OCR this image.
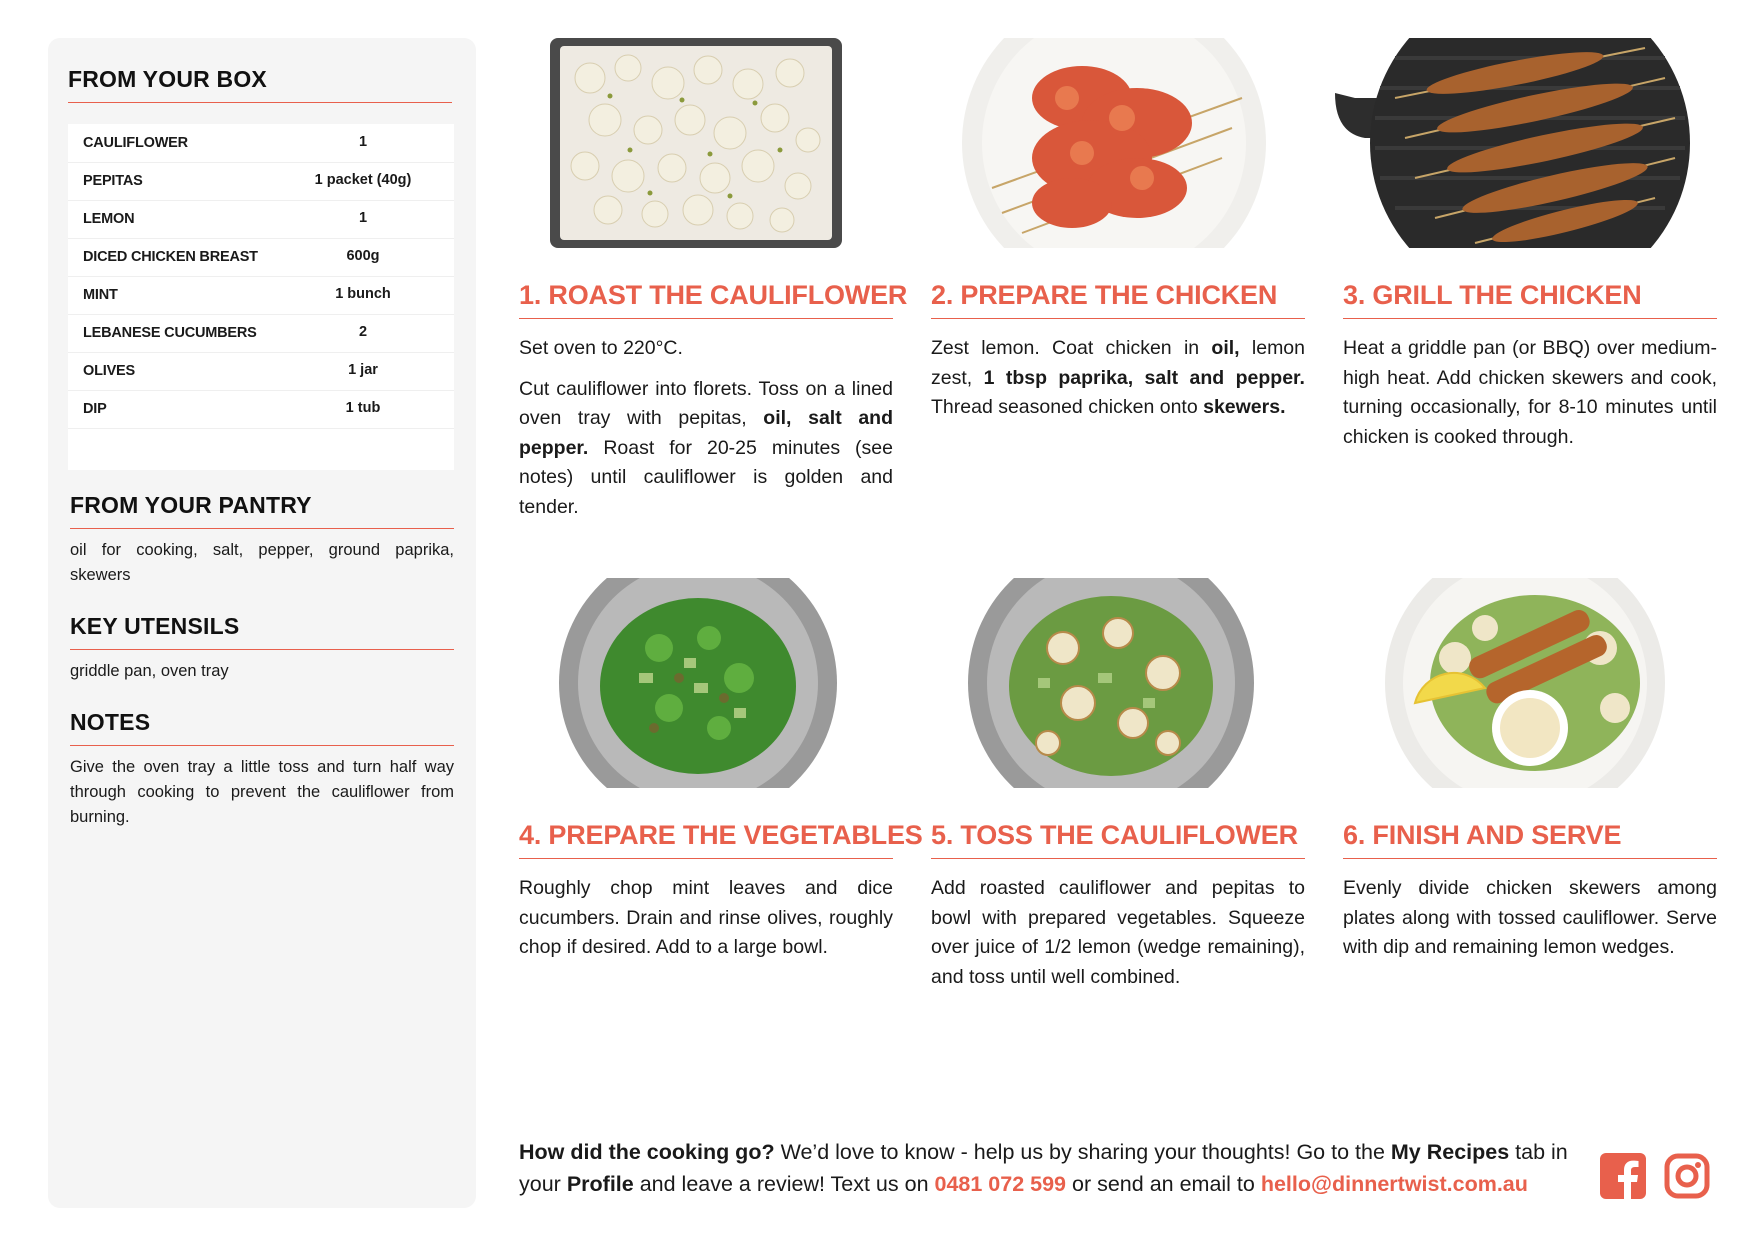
FROM YOUR BOX
CAULIFLOWER	1
PEPITAS	1 packet (40g)
LEMON	1
DICED CHICKEN BREAST	600g
MINT	1 bunch
LEBANESE CUCUMBERS	2
OLIVES	1 jar
DIP	1 tub
FROM YOUR PANTRY
oil for cooking, salt, pepper, ground paprika, skewers
KEY UTENSILS
griddle pan, oven tray
NOTES
Give the oven tray a little toss and turn half way through cooking to prevent the cauliflower from burning.
1. ROAST THE CAULIFLOWER

Set oven to 220°C.

Cut cauliflower into florets. Toss on a lined oven tray with pepitas, oil, salt and pepper. Roast for 20-25 minutes (see notes) until cauliflower is golden and tender.

2. PREPARE THE CHICKEN

Zest lemon. Coat chicken in oil, lemon zest, 1 tbsp paprika, salt and pepper. Thread seasoned chicken onto skewers.

3. GRILL THE CHICKEN

Heat a griddle pan (or BBQ) over medium-high heat. Add chicken skewers and cook, turning occasionally, for 8-10 minutes until chicken is cooked through.

4. PREPARE THE VEGETABLES

Roughly chop mint leaves and dice cucumbers. Drain and rinse olives, roughly chop if desired. Add to a large bowl.

5. TOSS THE CAULIFLOWER

Add roasted cauliflower and pepitas to bowl with prepared vegetables. Squeeze over juice of 1/2 lemon (wedge remaining), and toss until well combined.

6. FINISH AND SERVE

Evenly divide chicken skewers among plates along with tossed cauliflower. Serve with dip and remaining lemon wedges.

How did the cooking go? We’d love to know - help us by sharing your thoughts! Go to the My Recipes tab in your Profile and leave a review! Text us on 0481 072 599 or send an email to hello@dinnertwist.com.au
